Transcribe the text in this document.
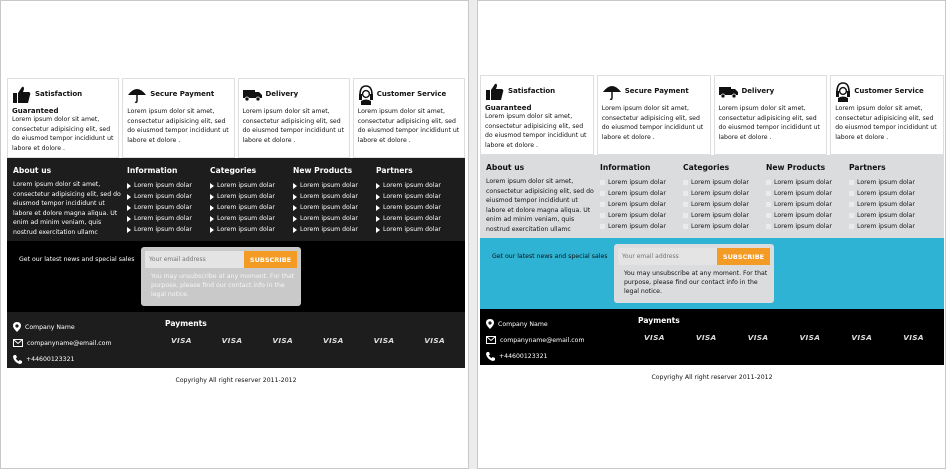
Satisfaction
Guaranteed
Lorem ipsum dolor sit amet, consectetur adipisicing elit, sed do eiusmod tempor incididunt ut labore et dolore .
Secure Payment
Lorem ipsum dolor sit amet, consectetur adipisicing elit, sed do eiusmod tempor incididunt ut labore et dolore .
Delivery
Lorem ipsum dolor sit amet, consectetur adipisicing elit, sed do eiusmod tempor incididunt ut labore et dolore .
Customer Service
Lorem ipsum dolor sit amet, consectetur adipisicing elit, sed do eiusmod tempor incididunt ut labore et dolore .
About us
Lorem ipsum dolor sit amet, consectetur adipisicing elit, sed do eiusmod tempor incididunt ut labore et dolore magna aliqua. Ut enim ad minim veniam, quis nostrud exercitation ullamc
Information
Lorem ipsum dolar
Lorem ipsum dolar
Lorem ipsum dolar
Lorem ipsum dolar
Lorem ipsum dolar
Categories
Lorem ipsum dolar
Lorem ipsum dolar
Lorem ipsum dolar
Lorem ipsum dolar
Lorem ipsum dolar
New Products
Lorem ipsum dolar
Lorem ipsum dolar
Lorem ipsum dolar
Lorem ipsum dolar
Lorem ipsum dolar
Partners
Lorem ipsum dolar
Lorem ipsum dolar
Lorem ipsum dolar
Lorem ipsum dolar
Lorem ipsum dolar
Get our latest news and special sales
Your email address	SUBSCRIBE
You may unsubscribe at any moment. For that purpose, please find our contact info in the legal notice.
Company Name
companyname@email.com
+44600123321
Payments
VISA	VISA	VISA	VISA	VISA	VISA
Copyrighy All right reserver 2011-2012
Satisfaction
Guaranteed
Lorem ipsum dolor sit amet, consectetur adipisicing elit, sed do eiusmod tempor incididunt ut labore et dolore .
Secure Payment
Lorem ipsum dolor sit amet, consectetur adipisicing elit, sed do eiusmod tempor incididunt ut labore et dolore .
Delivery
Lorem ipsum dolor sit amet, consectetur adipisicing elit, sed do eiusmod tempor incididunt ut labore et dolore .
Customer Service
Lorem ipsum dolor sit amet, consectetur adipisicing elit, sed do eiusmod tempor incididunt ut labore et dolore .
About us
Lorem ipsum dolor sit amet, consectetur adipisicing elit, sed do eiusmod tempor incididunt ut labore et dolore magna aliqua. Ut enim ad minim veniam, quis nostrud exercitation ullamc
Information
Lorem ipsum dolar
Lorem ipsum dolar
Lorem ipsum dolar
Lorem ipsum dolar
Lorem ipsum dolar
Categories
Lorem ipsum dolar
Lorem ipsum dolar
Lorem ipsum dolar
Lorem ipsum dolar
Lorem ipsum dolar
New Products
Lorem ipsum dolar
Lorem ipsum dolar
Lorem ipsum dolar
Lorem ipsum dolar
Lorem ipsum dolar
Partners
Lorem ipsum dolar
Lorem ipsum dolar
Lorem ipsum dolar
Lorem ipsum dolar
Lorem ipsum dolar
Get our latest news and special sales
Your email address	SUBSCRIBE
You may unsubscribe at any moment. For that purpose, please find our contact info in the legal notice.
Company Name
companyname@email.com
+44600123321
Payments
VISA	VISA	VISA	VISA	VISA	VISA
Copyrighy All right reserver 2011-2012
